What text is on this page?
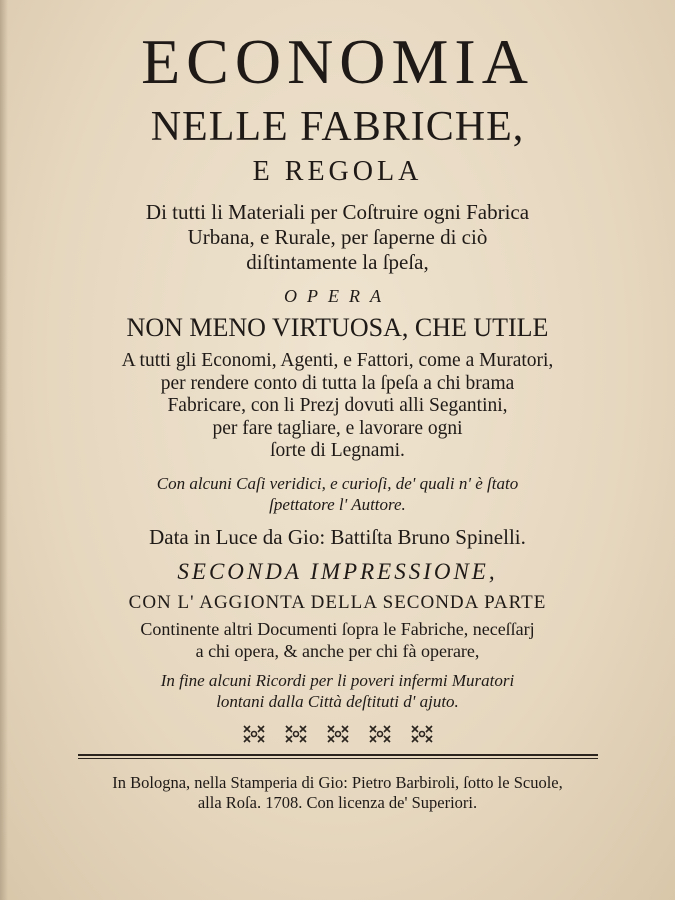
ECONOMIA
NELLE FABRICHE,
E REGOLA
Di tutti li Materiali per Coſtruire ogni Fabrica
Urbana, e Rurale, per ſaperne di ciò
diſtintamente la ſpeſa,
OPERA
NON MENO VIRTUOSA, CHE UTILE
A tutti gli Economi, Agenti, e Fattori, come a Muratori,
per rendere conto di tutta la ſpeſa a chi brama
Fabricare, con li Prezj dovuti alli Segantini,
per fare tagliare, e lavorare ogni
ſorte di Legnami.
Con alcuni Caſi veridici, e curioſi, de' quali n' è ſtato
ſpettatore l' Auttore.
Data in Luce da Gio: Battiſta Bruno Spinelli.
SECONDA IMPRESSIONE,
CON L' AGGIONTA DELLA SECONDA PARTE
Continente altri Documenti ſopra le Fabriche, neceſſarj
a chi opera, & anche per chi fà operare,
In fine alcuni Ricordi per li poveri infermi Muratori
lontani dalla Città deſtituti d' ajuto.
In Bologna, nella Stamperia di Gio: Pietro Barbiroli, ſotto le Scuole,
alla Roſa. 1708. Con licenza de' Superiori.
